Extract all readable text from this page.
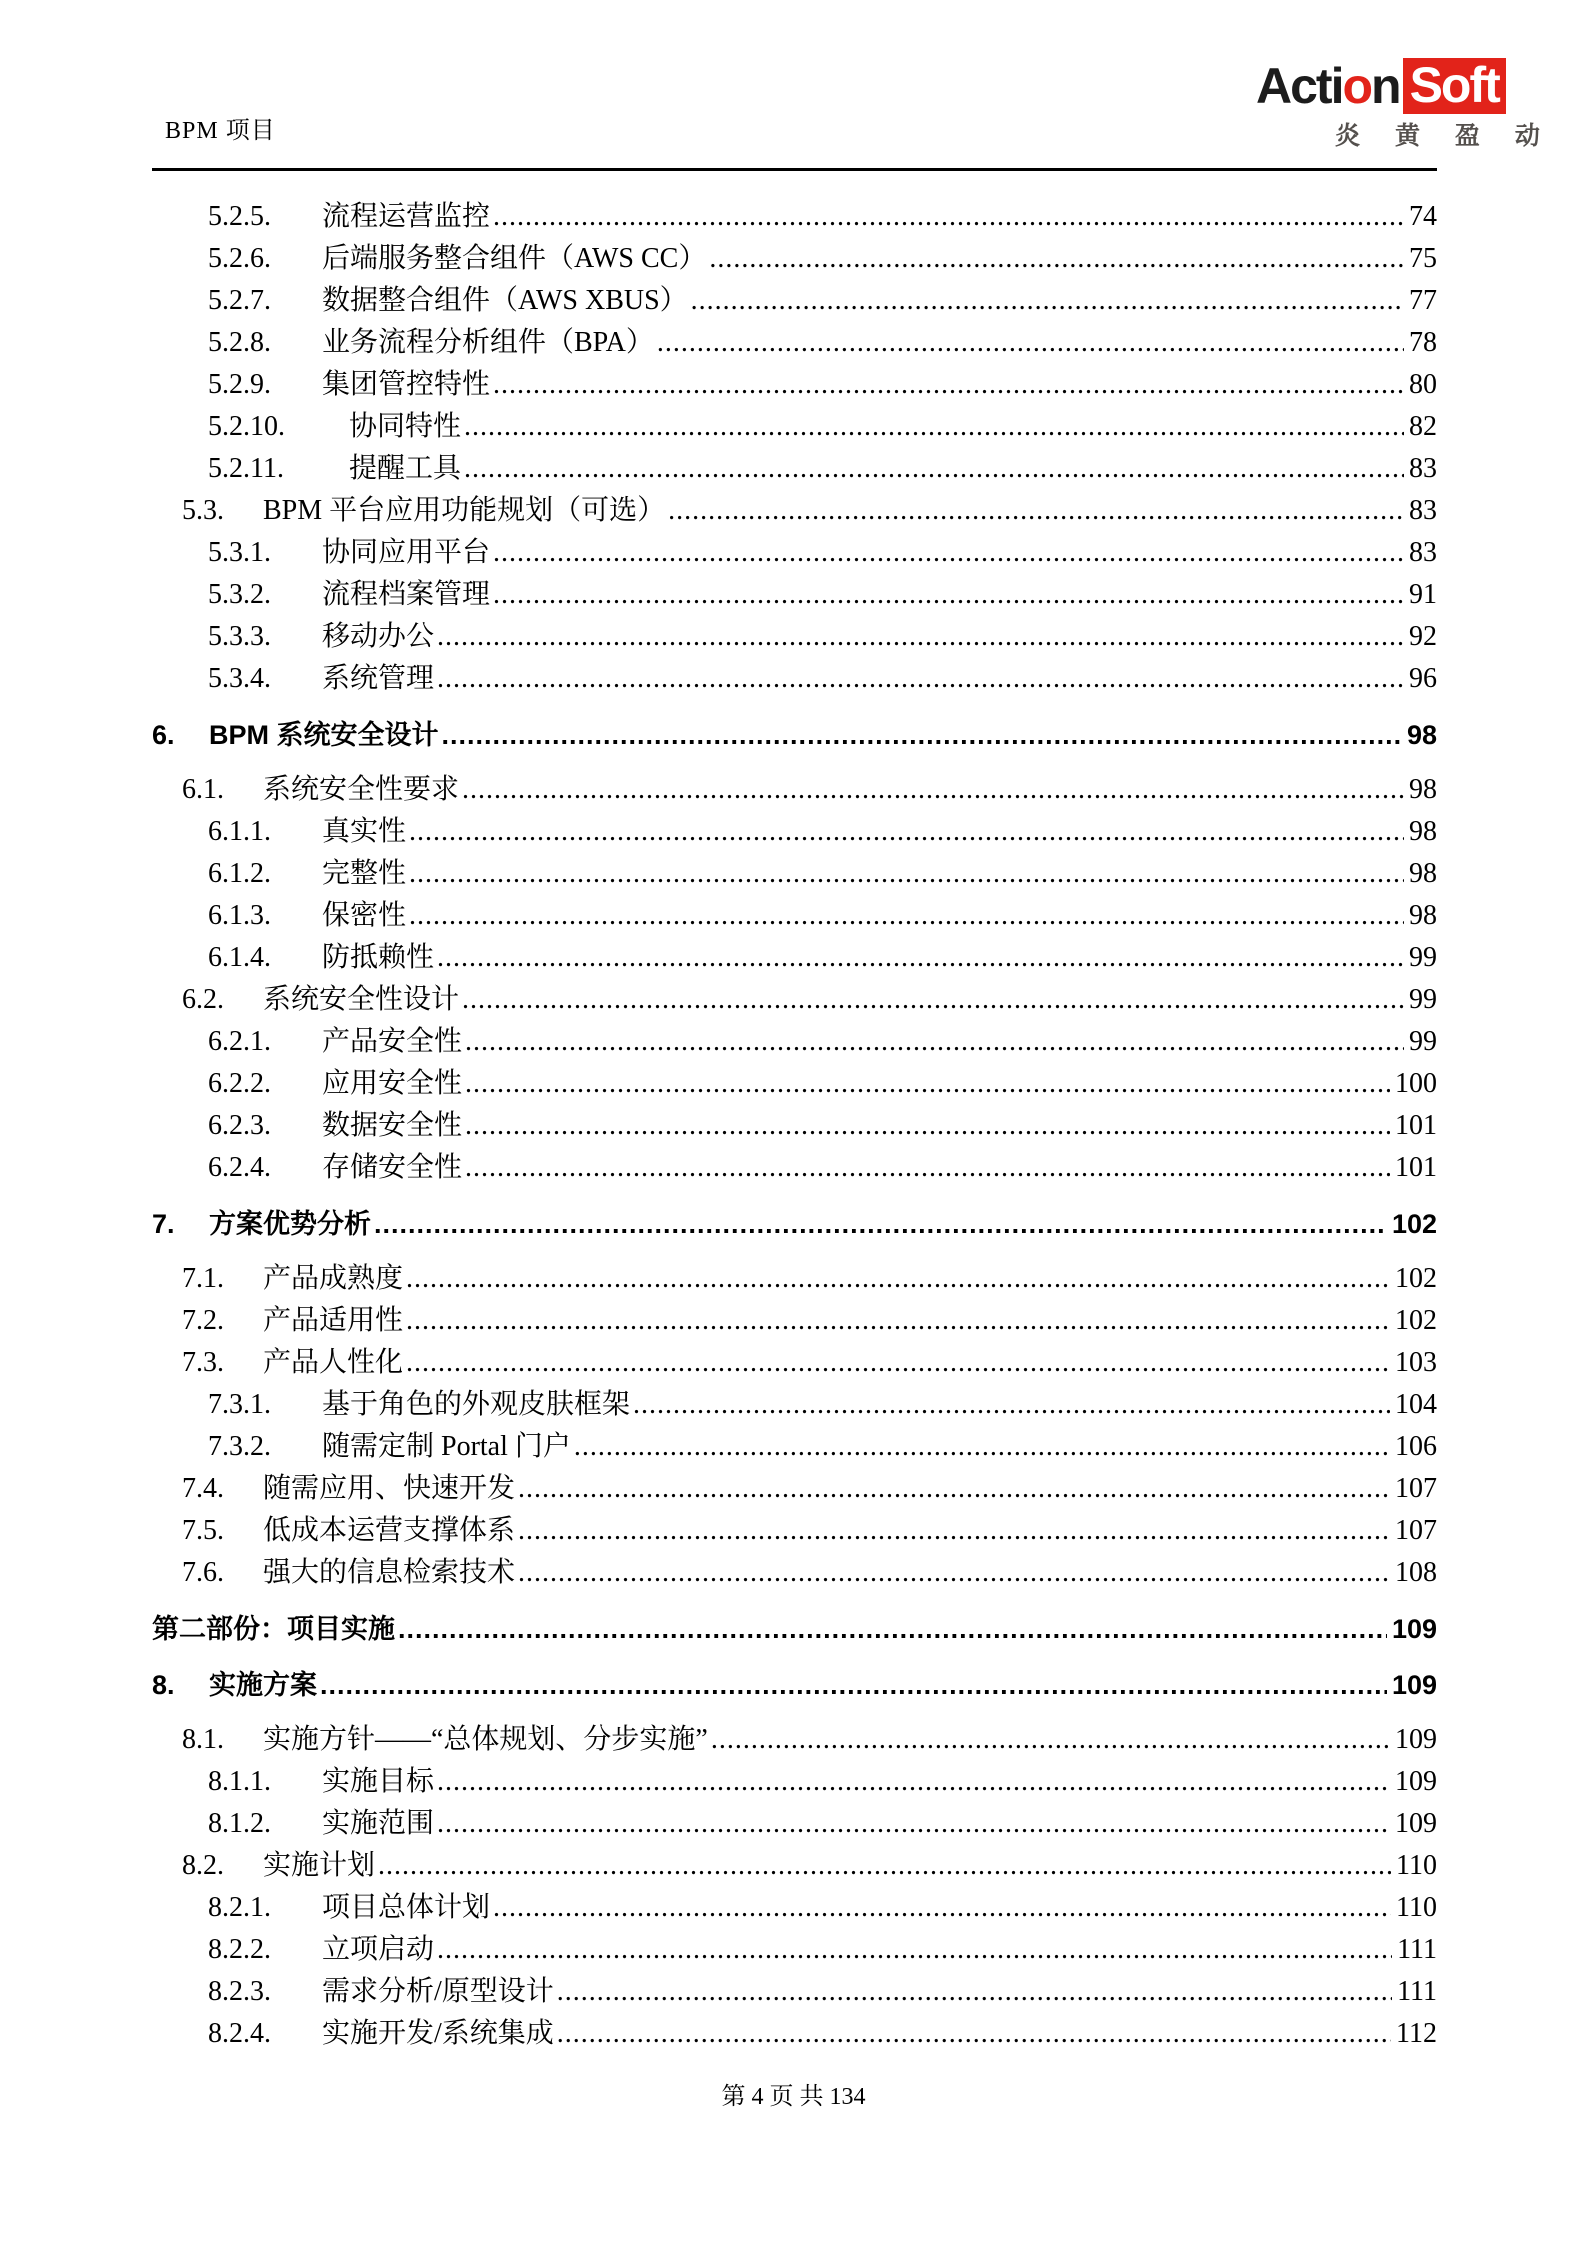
BPM 项目
Action Soft
炎 黄 盈 动
5.2.5.	流程运营监控 .....	74
5.2.6.	后端服务整合组件（AWS CC） .....	75
5.2.7.	数据整合组件（AWS XBUS） .....	77
5.2.8.	业务流程分析组件（BPA） .....	78
5.2.9.	集团管控特性 .....	80
5.2.10.	协同特性 .....	82
5.2.11.	提醒工具 .....	83
5.3.	BPM 平台应用功能规划（可选） .....	83
5.3.1.	协同应用平台 .....	83
5.3.2.	流程档案管理 .....	91
5.3.3.	移动办公 .....	92
5.3.4.	系统管理 .....	96
6.	BPM 系统安全设计 .....	98
6.1.	系统安全性要求 .....	98
6.1.1.	真实性 .....	98
6.1.2.	完整性 .....	98
6.1.3.	保密性 .....	98
6.1.4.	防抵赖性 .....	99
6.2.	系统安全性设计 .....	99
6.2.1.	产品安全性 .....	99
6.2.2.	应用安全性 .....	100
6.2.3.	数据安全性 .....	101
6.2.4.	存储安全性 .....	101
7.	方案优势分析 .....	102
7.1.	产品成熟度 .....	102
7.2.	产品适用性 .....	102
7.3.	产品人性化 .....	103
7.3.1.	基于角色的外观皮肤框架 .....	104
7.3.2.	随需定制 Portal 门户 .....	106
7.4.	随需应用、快速开发 .....	107
7.5.	低成本运营支撑体系 .....	107
7.6.	强大的信息检索技术 .....	108
第二部份：项目实施 .....	109
8.	实施方案 .....	109
8.1.	实施方针——“总体规划、分步实施” .....	109
8.1.1.	实施目标 .....	109
8.1.2.	实施范围 .....	109
8.2.	实施计划 .....	110
8.2.1.	项目总体计划 .....	110
8.2.2.	立项启动 .....	111
8.2.3.	需求分析/原型设计 .....	111
8.2.4.	实施开发/系统集成 .....	112
第 4 页 共 134
